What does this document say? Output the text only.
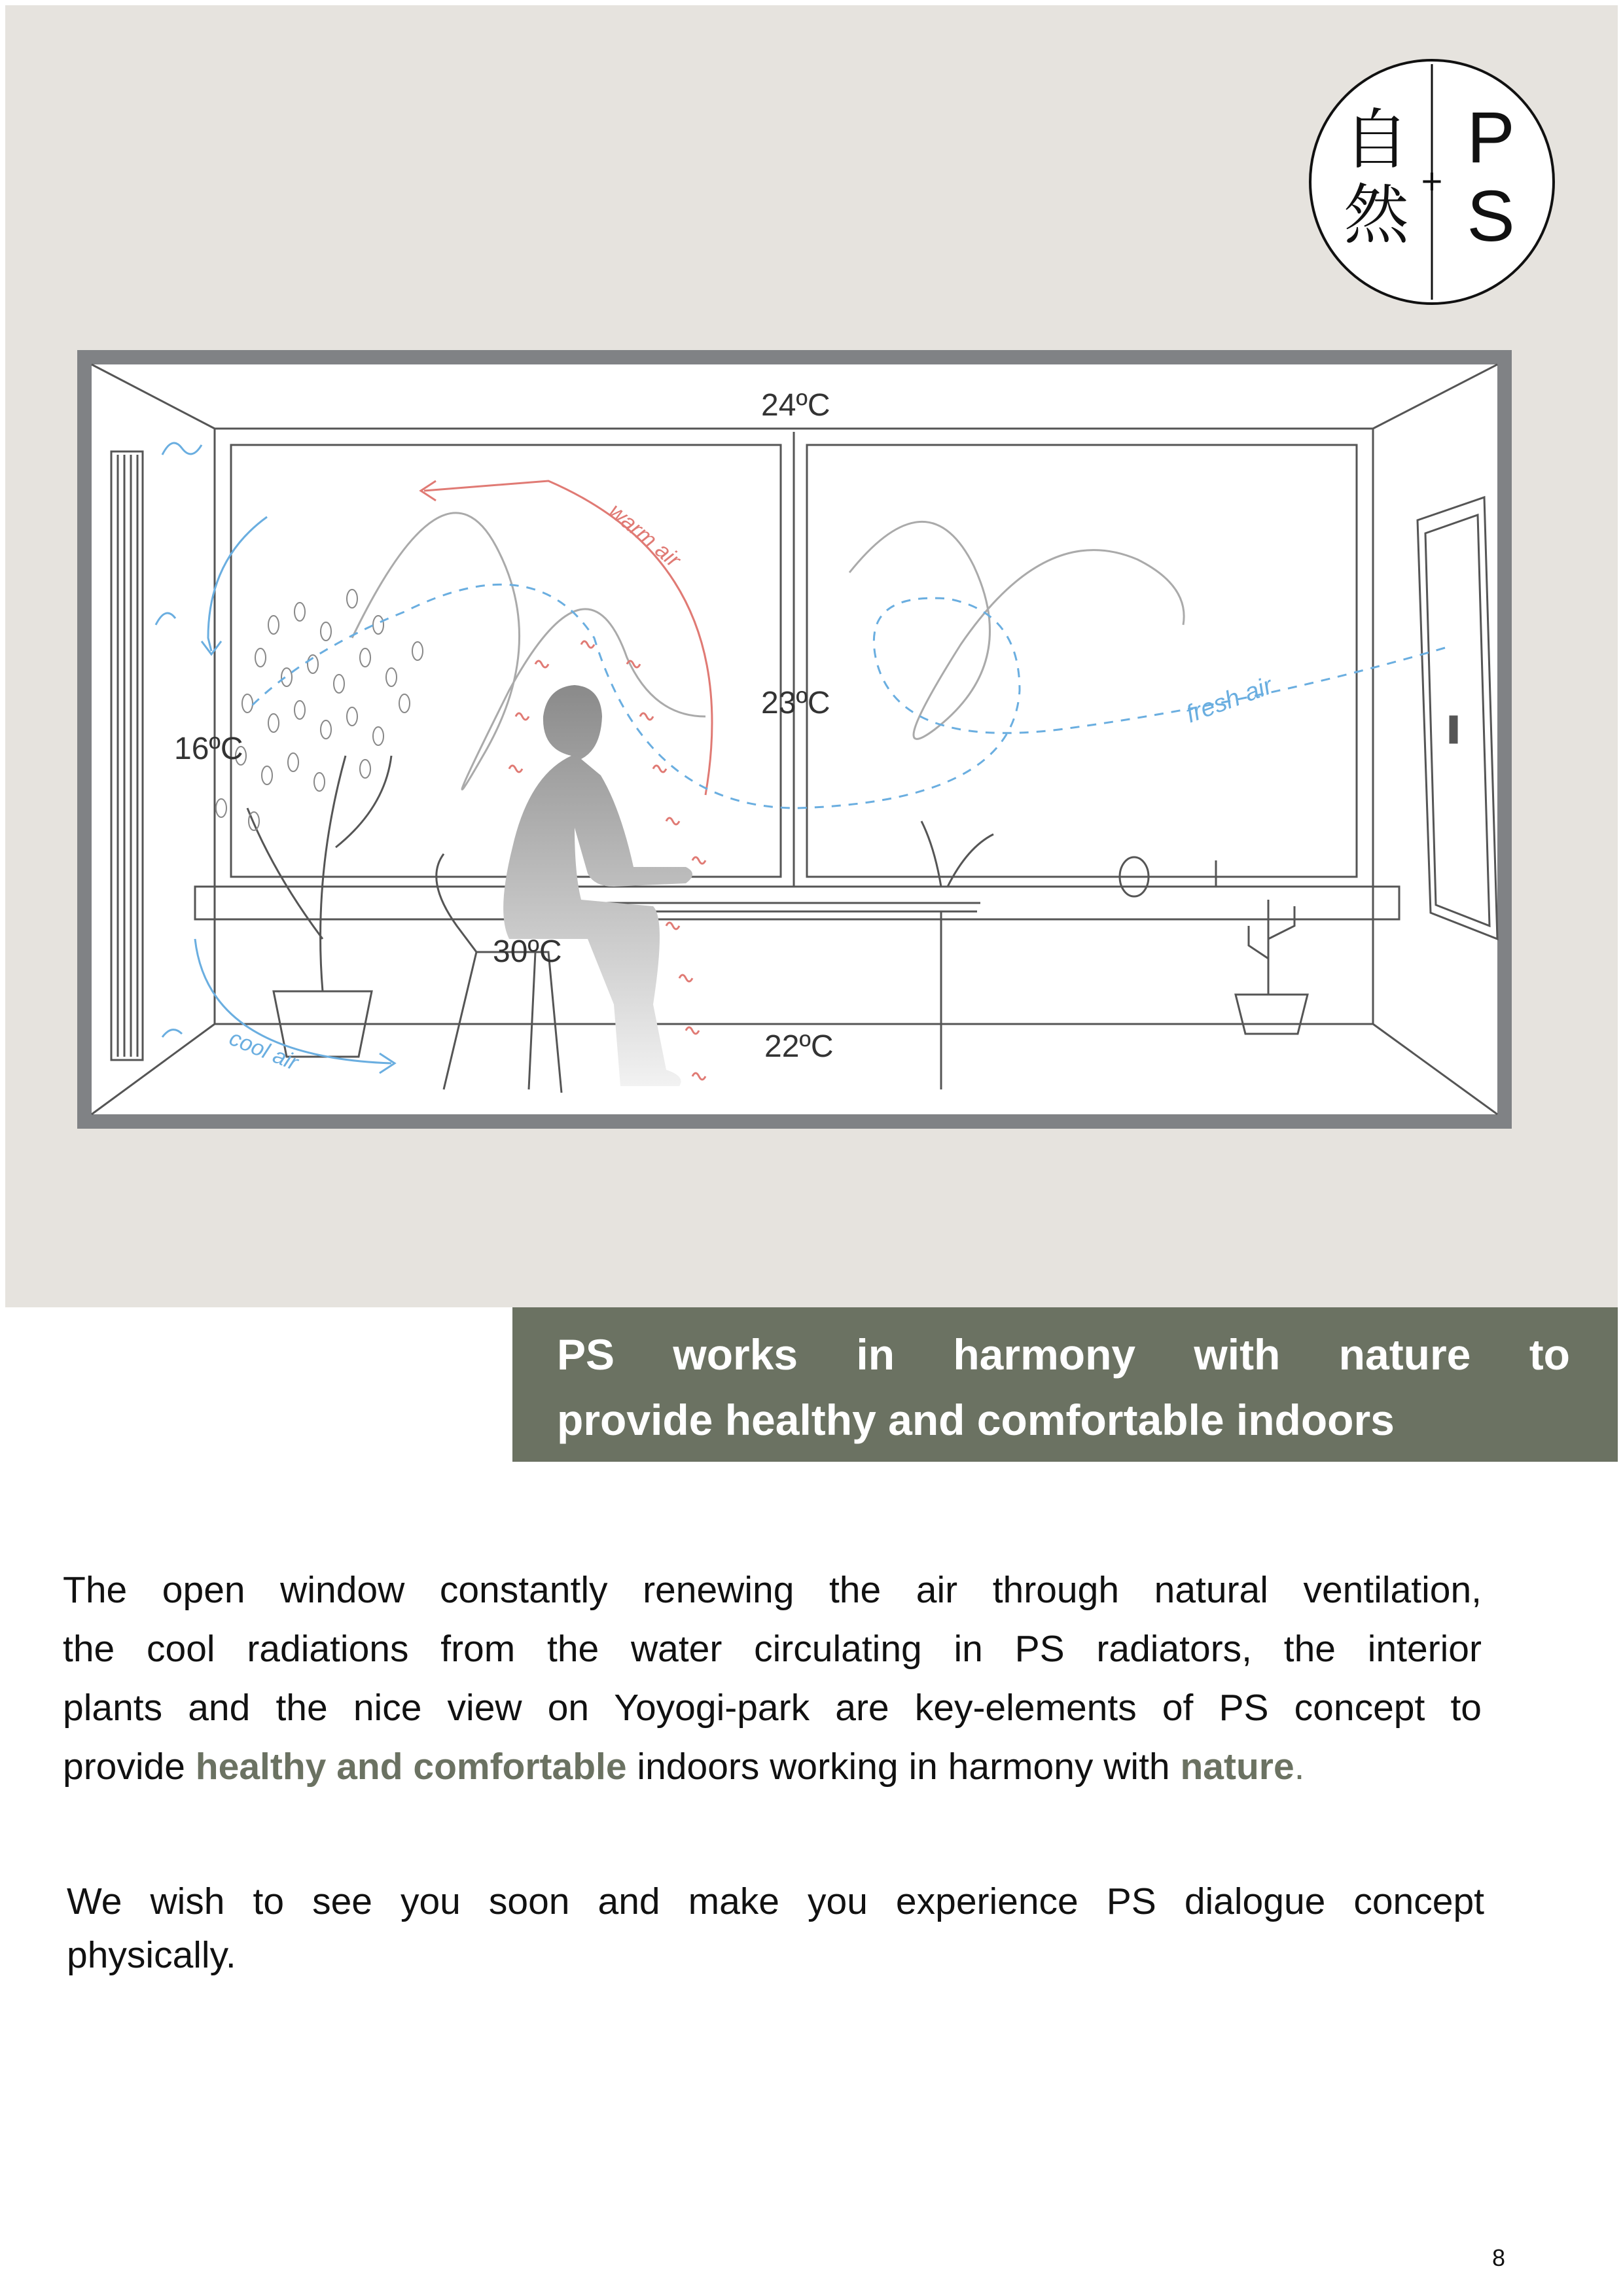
自
然 +
P
S
warm air
fresh air
cool air
24ºC
23ºC
16ºC
30ºC
22ºC
PS works in harmony with nature to
provide healthy and comfortable indoors
The open window constantly renewing the air through natural ventilation,
the cool radiations from the water circulating in PS radiators, the interior
plants and the nice view on Yoyogi-park are key-elements of PS concept to
provide healthy and comfortable indoors working in harmony with nature.
We wish to see you soon and make you experience PS dialogue concept
physically.
8
